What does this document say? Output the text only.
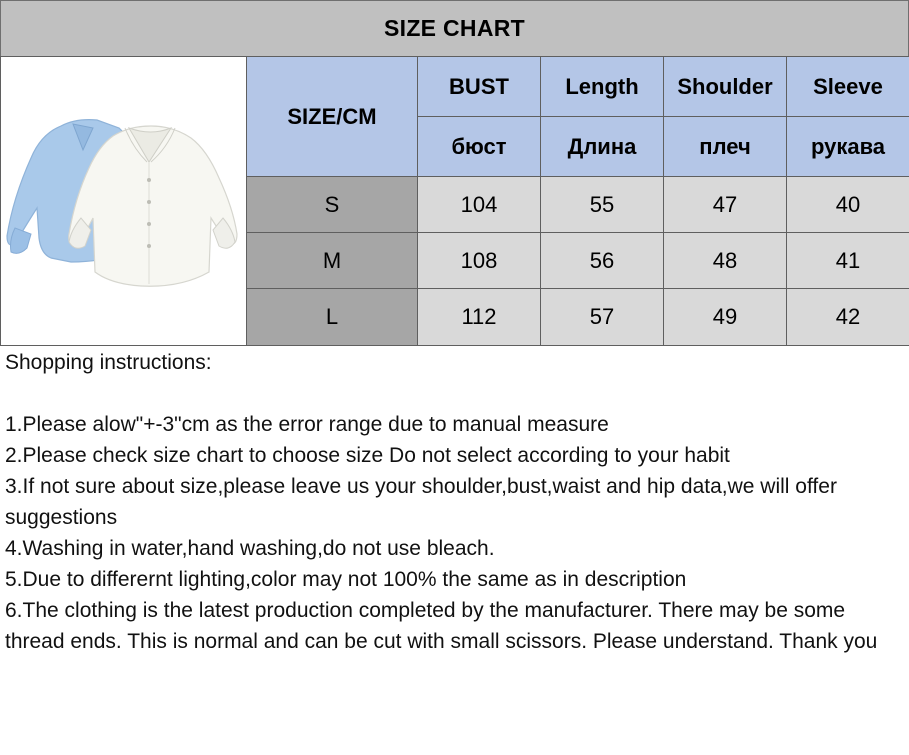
SIZE CHART
	SIZE/CM	BUST	Length	Shoulder	Sleeve
		бюст	Длина	плеч	рукава
	S	104	55	47	40
	M	108	56	48	41
	L	112	57	49	42

Shopping instructions:

1.Please alow"+-3"cm as the error range due to manual measure

2.Please check size chart to choose size Do not select according to your habit

3.If not sure about size,please leave us your shoulder,bust,waist and hip data,we will offer suggestions

4.Washing in water,hand washing,do not use bleach.

5.Due to differernt lighting,color may not 100% the same as in description

6.The clothing is the latest production completed by the manufacturer. There may be some thread ends. This is normal and can be cut with small scissors. Please understand. Thank you
